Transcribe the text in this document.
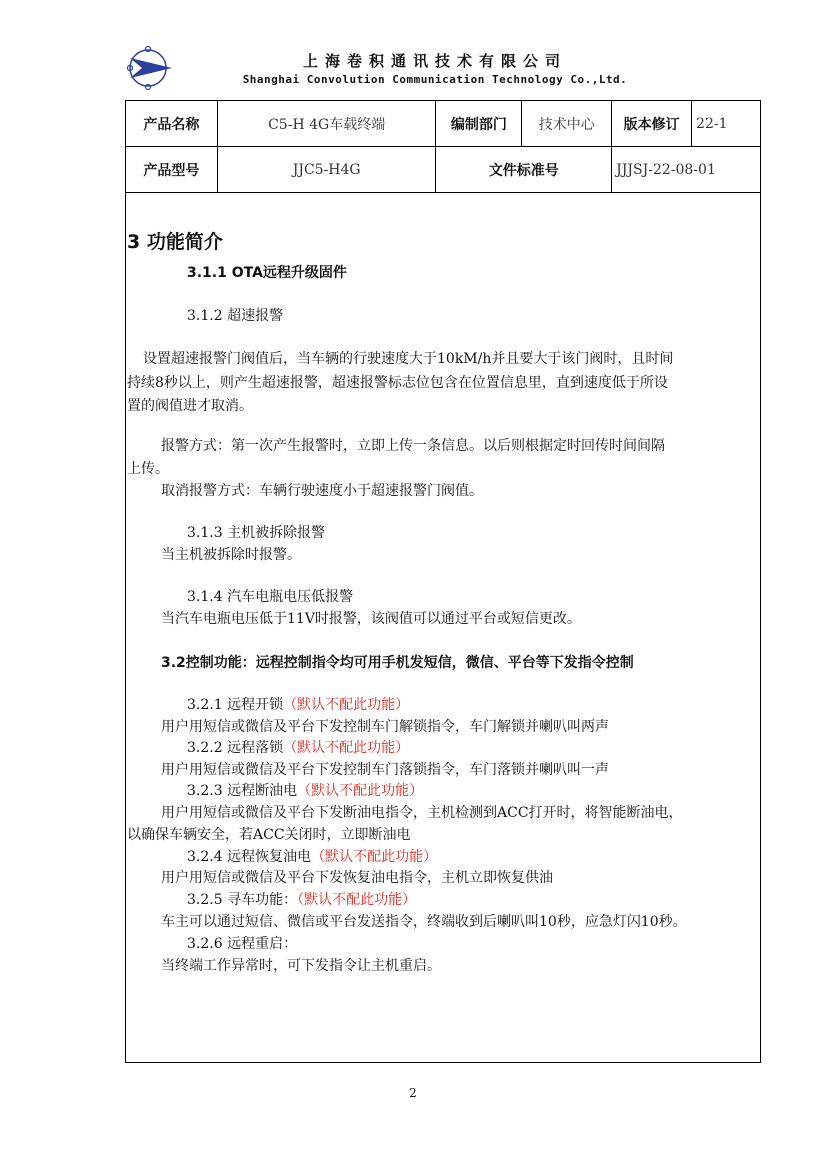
上海卷积通讯技术有限公司
Shanghai Convolution Communication Technology Co.,Ltd.
产品名称	C5-H 4G车载终端	编制部门	技术中心	版本修订	22-1
产品型号	JJC5-H4G	文件标准号		JJJSJ-22-08-01	
3 功能简介
3.1.1 OTA远程升级固件
3.1.2 超速报警
设置超速报警门阀值后，当车辆的行驶速度大于10kM/h并且要大于该门阀时，且时间
持续8秒以上，则产生超速报警，超速报警标志位包含在位置信息里，直到速度低于所设
置的阀值进才取消。
报警方式：第一次产生报警时，立即上传一条信息。以后则根据定时回传时间间隔
上传。
取消报警方式：车辆行驶速度小于超速报警门阀值。
3.1.3 主机被拆除报警
当主机被拆除时报警。
3.1.4 汽车电瓶电压低报警
当汽车电瓶电压低于11V时报警，该阀值可以通过平台或短信更改。
3.2控制功能：远程控制指令均可用手机发短信，微信、平台等下发指令控制
3.2.1 远程开锁（默认不配此功能）
用户用短信或微信及平台下发控制车门解锁指令，车门解锁并喇叭叫两声
3.2.2 远程落锁（默认不配此功能）
用户用短信或微信及平台下发控制车门落锁指令，车门落锁并喇叭叫一声
3.2.3 远程断油电（默认不配此功能）
用户用短信或微信及平台下发断油电指令，主机检测到ACC打开时，将智能断油电，
以确保车辆安全，若ACC关闭时，立即断油电
3.2.4 远程恢复油电（默认不配此功能）
用户用短信或微信及平台下发恢复油电指令，主机立即恢复供油
3.2.5 寻车功能：（默认不配此功能）
车主可以通过短信、微信或平台发送指令，终端收到后喇叭叫10秒，应急灯闪10秒。
3.2.6 远程重启：
当终端工作异常时，可下发指令让主机重启。
2
